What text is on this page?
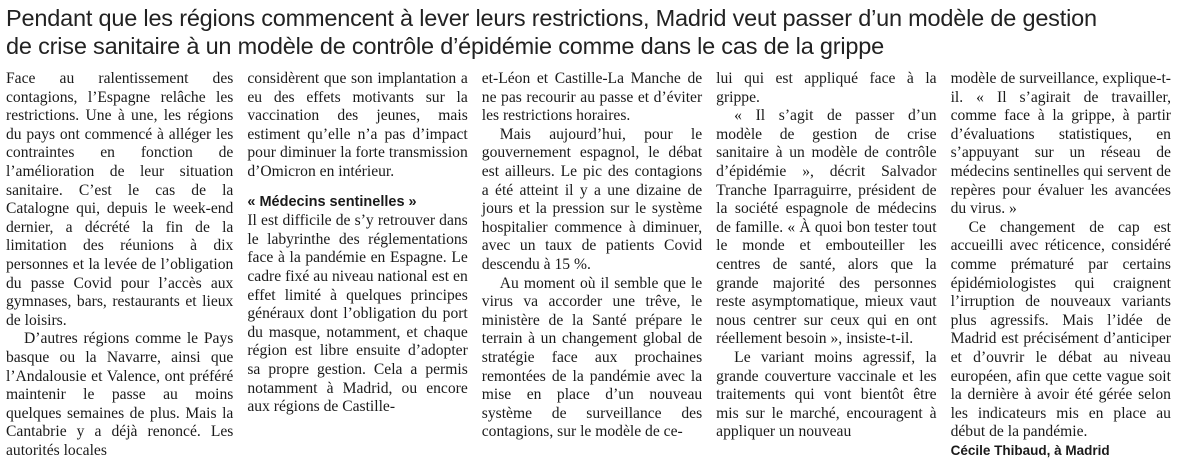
Pendant que les régions commencent à lever leurs restrictions, Madrid veut passer d’un modèle de gestion
de crise sanitaire à un modèle de contrôle d’épidémie comme dans le cas de la grippe

Face au ralentissement des contagions, l’Espagne relâche les restrictions. Une à une, les régions du pays ont commencé à alléger les contraintes en fonction de l’amélioration de leur situation sanitaire. C’est le cas de la Catalogne qui, depuis le week-end dernier, a décrété la fin de la limitation des réunions à dix personnes et la levée de l’obligation du passe Covid pour l’accès aux gymnases, bars, restaurants et lieux de loisirs.

D’autres régions comme le Pays basque ou la Navarre, ainsi que l’Andalousie et Valence, ont préféré maintenir le passe au moins quelques semaines de plus. Mais la Cantabrie y a déjà renoncé. Les autorités locales

considèrent que son implantation a eu des effets motivants sur la vaccination des jeunes, mais estiment qu’elle n’a pas d’impact pour diminuer la forte transmission d’Omicron en intérieur.

« Médecins sentinelles »

Il est difficile de s’y retrouver dans le labyrinthe des réglementations face à la pandémie en Espagne. Le cadre fixé au niveau national est en effet limité à quelques principes généraux dont l’obligation du port du masque, notamment, et chaque région est libre ensuite d’adopter sa propre gestion. Cela a permis notamment à Madrid, ou encore aux régions de Castille-

et-Léon et Castille-La Manche de ne pas recourir au passe et d’éviter les restrictions horaires.

Mais aujourd’hui, pour le gouvernement espagnol, le débat est ailleurs. Le pic des contagions a été atteint il y a une dizaine de jours et la pression sur le système hospitalier commence à diminuer, avec un taux de patients Covid descendu à 15 %.

Au moment où il semble que le virus va accorder une trêve, le ministère de la Santé prépare le terrain à un changement global de stratégie face aux prochaines remontées de la pandémie avec la mise en place d’un nouveau système de surveillance des contagions, sur le modèle de ce-

lui qui est appliqué face à la grippe.

« Il s’agit de passer d’un modèle de gestion de crise sanitaire à un modèle de contrôle d’épidémie », décrit Salvador Tranche Iparraguirre, président de la société espagnole de médecins de famille. « À quoi bon tester tout le monde et embouteiller les centres de santé, alors que la grande majorité des personnes reste asymptomatique, mieux vaut nous centrer sur ceux qui en ont réellement besoin », insiste-t-il.

Le variant moins agressif, la grande couverture vaccinale et les traitements qui vont bientôt être mis sur le marché, encouragent à appliquer un nouveau

modèle de surveillance, explique-t-il. « Il s’agirait de travailler, comme face à la grippe, à partir d’évaluations statistiques, en s’appuyant sur un réseau de médecins sentinelles qui servent de repères pour évaluer les avancées du virus. »

Ce changement de cap est accueilli avec réticence, considéré comme prématuré par certains épidémiologistes qui craignent l’irruption de nouveaux variants plus agressifs. Mais l’idée de Madrid est précisément d’anticiper et d’ouvrir le débat au niveau européen, afin que cette vague soit la dernière à avoir été gérée selon les indicateurs mis en place au début de la pandémie.

Cécile Thibaud, à Madrid
